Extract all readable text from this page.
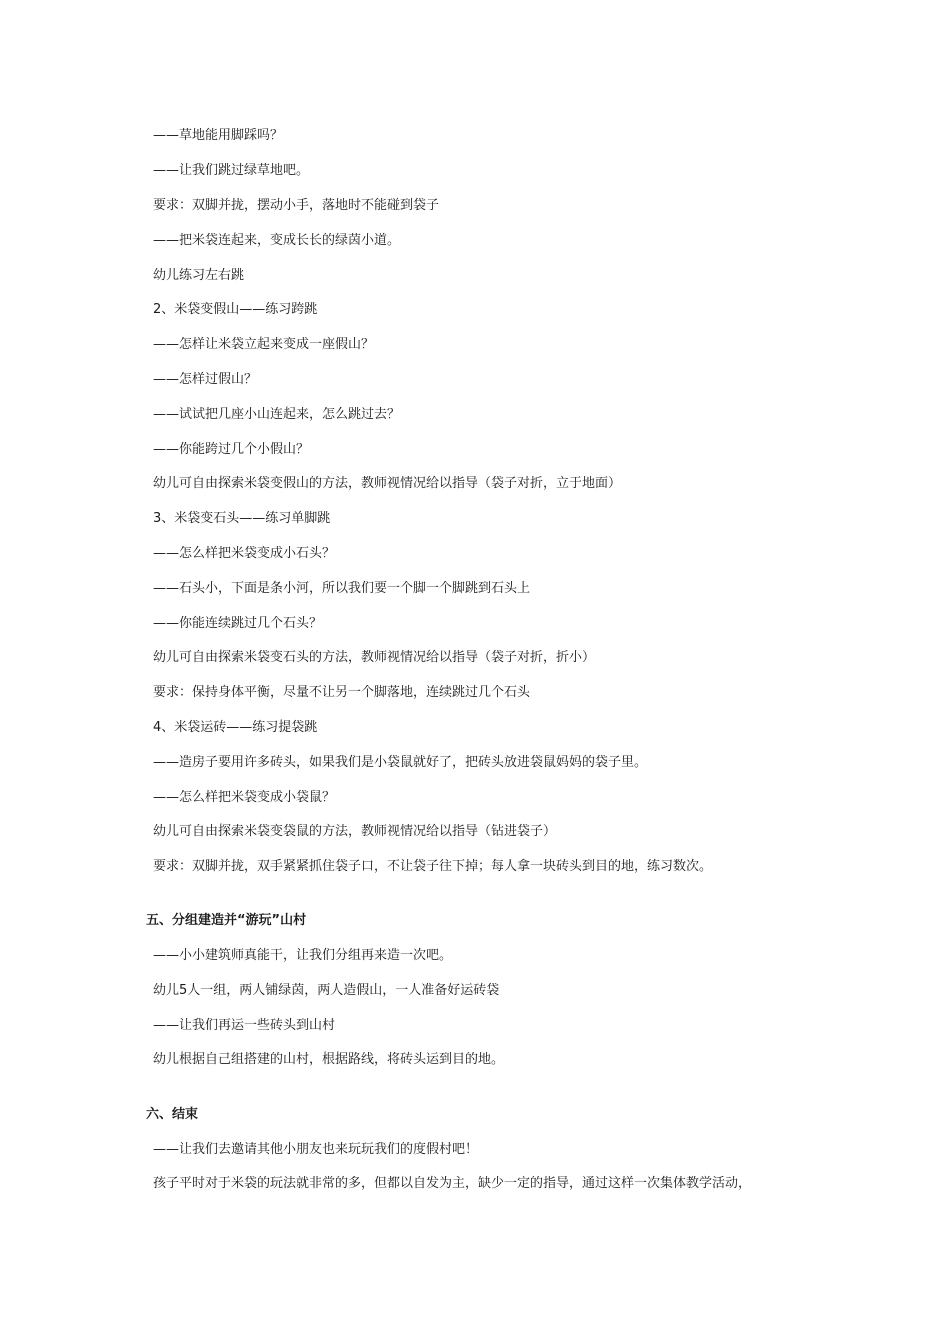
——草地能用脚踩吗？
——让我们跳过绿草地吧。
要求：双脚并拢，摆动小手，落地时不能碰到袋子
——把米袋连起来，变成长长的绿茵小道。
幼儿练习左右跳
2、米袋变假山——练习跨跳
——怎样让米袋立起来变成一座假山？
——怎样过假山？
——试试把几座小山连起来，怎么跳过去？
——你能跨过几个小假山？
幼儿可自由探索米袋变假山的方法，教师视情况给以指导（袋子对折，立于地面）
3、米袋变石头——练习单脚跳
——怎么样把米袋变成小石头？
——石头小，下面是条小河，所以我们要一个脚一个脚跳到石头上
——你能连续跳过几个石头？
幼儿可自由探索米袋变石头的方法，教师视情况给以指导（袋子对折，折小）
要求：保持身体平衡，尽量不让另一个脚落地，连续跳过几个石头
4、米袋运砖——练习提袋跳
——造房子要用许多砖头，如果我们是小袋鼠就好了，把砖头放进袋鼠妈妈的袋子里。
——怎么样把米袋变成小袋鼠？
幼儿可自由探索米袋变袋鼠的方法，教师视情况给以指导（钻进袋子）
要求：双脚并拢，双手紧紧抓住袋子口，不让袋子往下掉；每人拿一块砖头到目的地，练习数次。
五、分组建造并“游玩”山村
——小小建筑师真能干，让我们分组再来造一次吧。
幼儿5人一组，两人铺绿茵，两人造假山，一人准备好运砖袋
——让我们再运一些砖头到山村
幼儿根据自己组搭建的山村，根据路线，将砖头运到目的地。
六、结束
——让我们去邀请其他小朋友也来玩玩我们的度假村吧！
孩子平时对于米袋的玩法就非常的多，但都以自发为主，缺少一定的指导，通过这样一次集体教学活动，
